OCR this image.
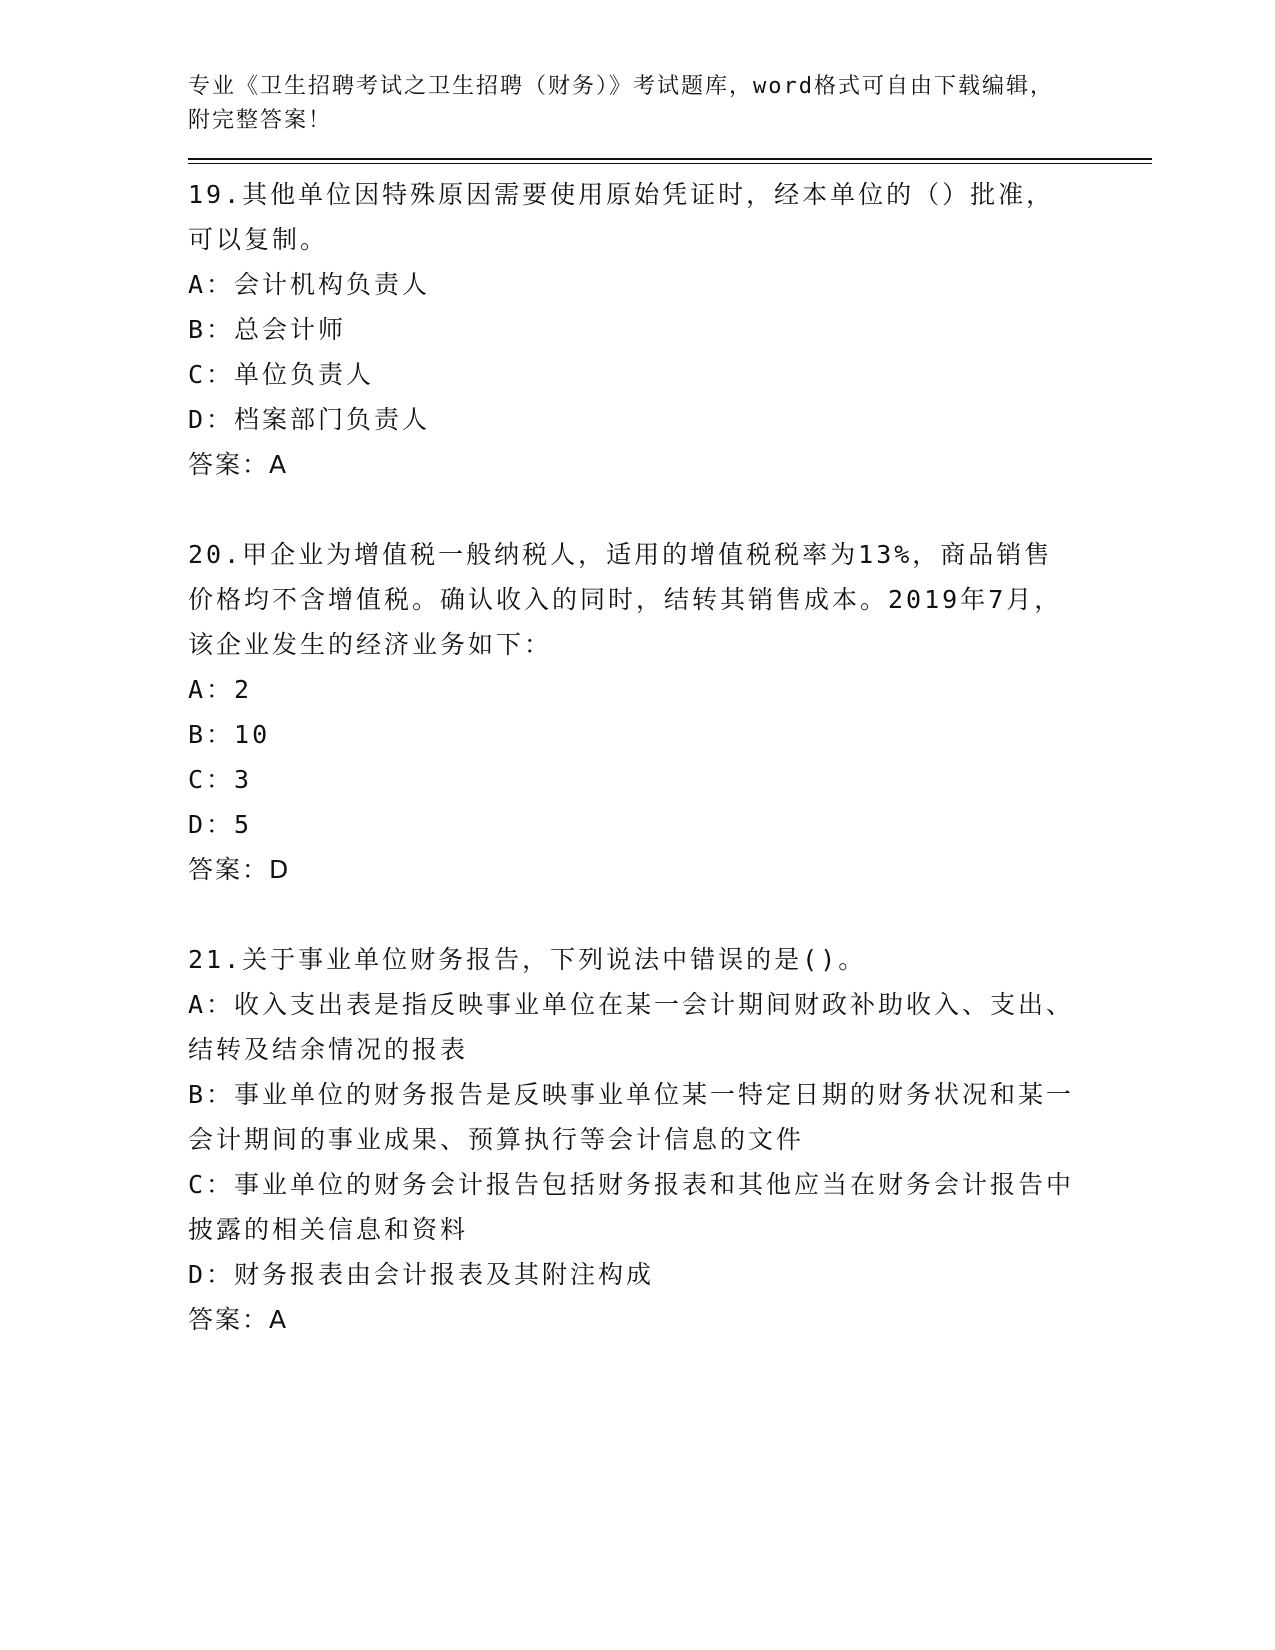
专业《卫生招聘考试之卫生招聘（财务）》考试题库，word格式可自由下载编辑，附完整答案！

19.其他单位因特殊原因需要使用原始凭证时，经本单位的（）批准，可以复制。

A：会计机构负责人

B：总会计师

C：单位负责人

D：档案部门负责人

答案：A

20.甲企业为增值税一般纳税人，适用的增值税税率为13%，商品销售价格均不含增值税。确认收入的同时，结转其销售成本。2019年7月，该企业发生的经济业务如下：

A：2

B：10

C：3

D：5

答案：D

21.关于事业单位财务报告，下列说法中错误的是()。

A：收入支出表是指反映事业单位在某一会计期间财政补助收入、支出、结转及结余情况的报表

B：事业单位的财务报告是反映事业单位某一特定日期的财务状况和某一会计期间的事业成果、预算执行等会计信息的文件

C：事业单位的财务会计报告包括财务报表和其他应当在财务会计报告中披露的相关信息和资料

D：财务报表由会计报表及其附注构成

答案：A
